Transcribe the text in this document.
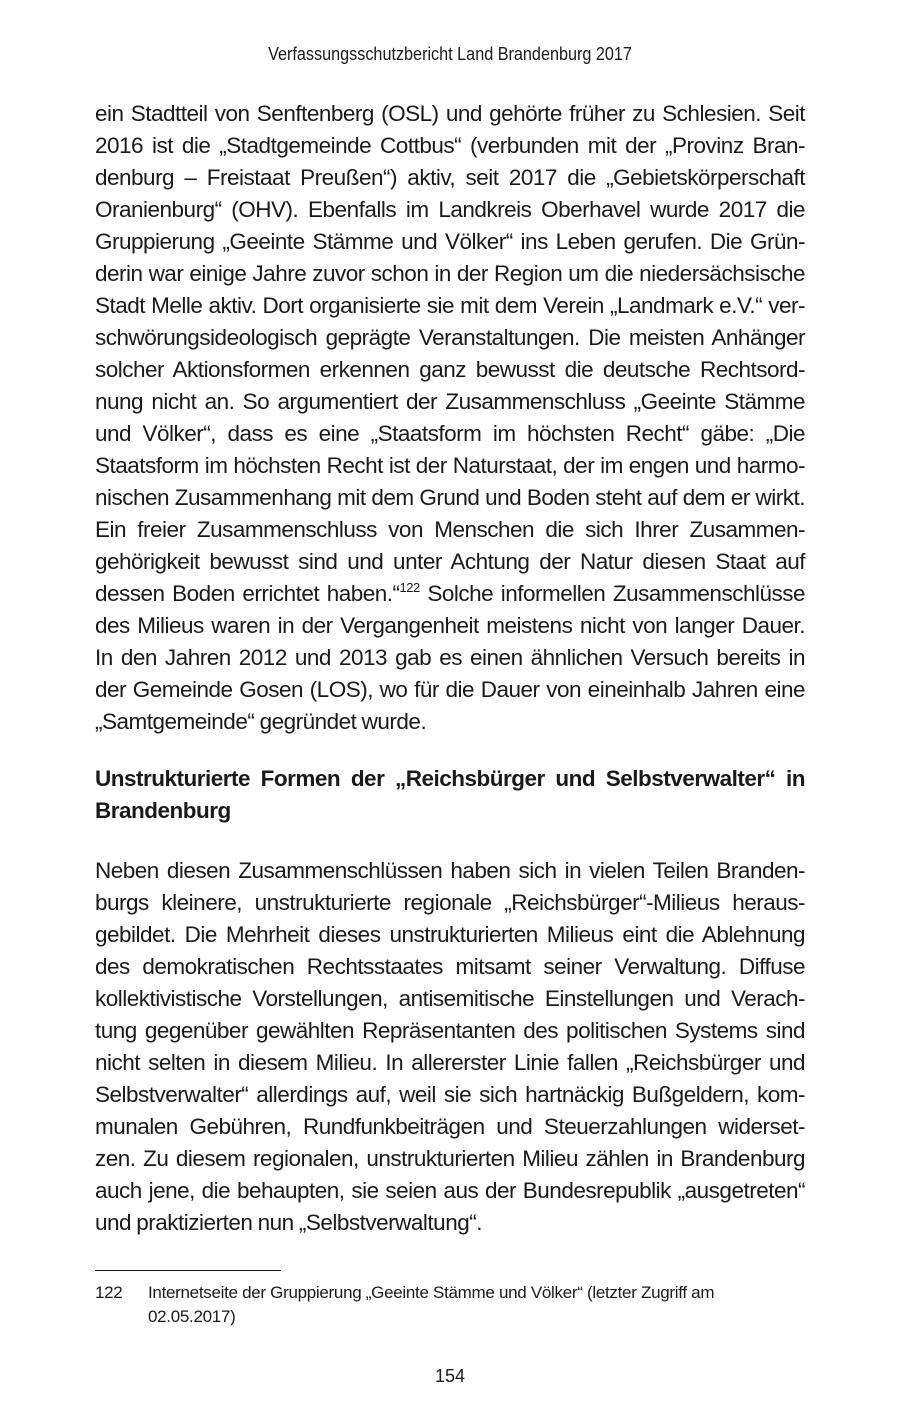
Verfassungsschutzbericht Land Brandenburg 2017

ein Stadtteil von Senftenberg (OSL) und gehörte früher zu Schlesien. Seit
2016 ist die „Stadtgemeinde Cottbus“ (verbunden mit der „Provinz Bran-
denburg – Freistaat Preußen“) aktiv, seit 2017 die „Gebietskörperschaft
Oranienburg“ (OHV). Ebenfalls im Landkreis Oberhavel wurde 2017 die
Gruppierung „Geeinte Stämme und Völker“ ins Leben gerufen. Die Grün-
derin war einige Jahre zuvor schon in der Region um die niedersächsische
Stadt Melle aktiv. Dort organisierte sie mit dem Verein „Landmark e.V.“ ver-
schwörungsideologisch geprägte Veranstaltungen. Die meisten Anhänger
solcher Aktionsformen erkennen ganz bewusst die deutsche Rechtsord-
nung nicht an. So argumentiert der Zusammenschluss „Geeinte Stämme
und Völker“, dass es eine „Staatsform im höchsten Recht“ gäbe: „Die
Staatsform im höchsten Recht ist der Naturstaat, der im engen und harmo-
nischen Zusammenhang mit dem Grund und Boden steht auf dem er wirkt.
Ein freier Zusammenschluss von Menschen die sich Ihrer Zusammen-
gehörigkeit bewusst sind und unter Achtung der Natur diesen Staat auf
dessen Boden errichtet haben.“$^{122}$ Solche informellen Zusammenschlüsse
des Milieus waren in der Vergangenheit meistens nicht von langer Dauer.
In den Jahren 2012 und 2013 gab es einen ähnlichen Versuch bereits in
der Gemeinde Gosen (LOS), wo für die Dauer von eineinhalb Jahren eine
„Samtgemeinde“ gegründet wurde.

Unstrukturierte Formen der „Reichsbürger und Selbstverwalter“ in
Brandenburg

Neben diesen Zusammenschlüssen haben sich in vielen Teilen Branden-
burgs kleinere, unstrukturierte regionale „Reichsbürger“-Milieus heraus-
gebildet. Die Mehrheit dieses unstrukturierten Milieus eint die Ablehnung
des demokratischen Rechtsstaates mitsamt seiner Verwaltung. Diffuse
kollektivistische Vorstellungen, antisemitische Einstellungen und Verach-
tung gegenüber gewählten Repräsentanten des politischen Systems sind
nicht selten in diesem Milieu. In allererster Linie fallen „Reichsbürger und
Selbstverwalter“ allerdings auf, weil sie sich hartnäckig Bußgeldern, kom-
munalen Gebühren, Rundfunkbeiträgen und Steuerzahlungen widerset-
zen. Zu diesem regionalen, unstrukturierten Milieu zählen in Brandenburg
auch jene, die behaupten, sie seien aus der Bundesrepublik „ausgetreten“
und praktizierten nun „Selbstverwaltung“.

122 Internetseite der Gruppierung „Geeinte Stämme und Völker“ (letzter Zugriff am
02.05.2017)
154
